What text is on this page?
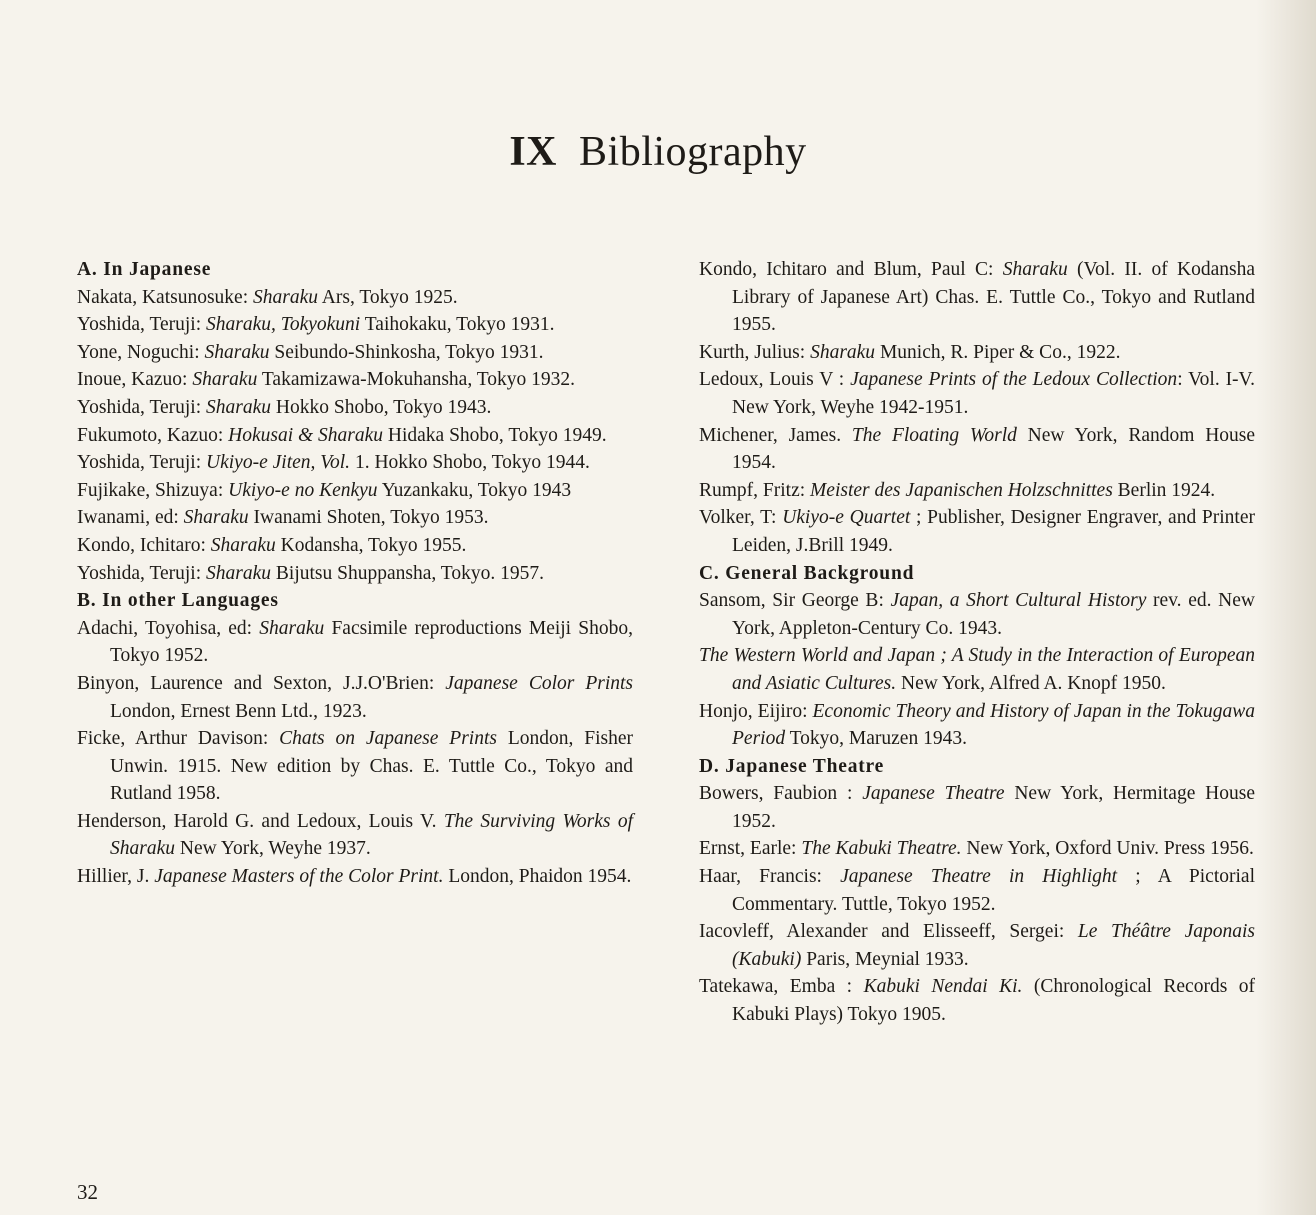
IX Bibliography
A. In Japanese
Nakata, Katsunosuke: Sharaku Ars, Tokyo 1925.
Yoshida, Teruji: Sharaku, Tokyokuni Taihokaku, Tokyo 1931.
Yone, Noguchi: Sharaku Seibundo-Shinkosha, Tokyo 1931.
Inoue, Kazuo: Sharaku Takamizawa-Mokuhansha, Tokyo 1932.
Yoshida, Teruji: Sharaku Hokko Shobo, Tokyo 1943.
Fukumoto, Kazuo: Hokusai & Sharaku Hidaka Shobo, Tokyo 1949.
Yoshida, Teruji: Ukiyo-e Jiten, Vol. 1. Hokko Shobo, Tokyo 1944.
Fujikake, Shizuya: Ukiyo-e no Kenkyu Yuzankaku, Tokyo 1943
Iwanami, ed: Sharaku Iwanami Shoten, Tokyo 1953.
Kondo, Ichitaro: Sharaku Kodansha, Tokyo 1955.
Yoshida, Teruji: Sharaku Bijutsu Shuppansha, Tokyo. 1957.
B. In other Languages
Adachi, Toyohisa, ed: Sharaku Facsimile reproductions Meiji Shobo, Tokyo 1952.
Binyon, Laurence and Sexton, J.J.O'Brien: Japanese Color Prints London, Ernest Benn Ltd., 1923.
Ficke, Arthur Davison: Chats on Japanese Prints London, Fisher Unwin. 1915. New edition by Chas. E. Tuttle Co., Tokyo and Rutland 1958.
Henderson, Harold G. and Ledoux, Louis V. The Surviving Works of Sharaku New York, Weyhe 1937.
Hillier, J. Japanese Masters of the Color Print. London, Phaidon 1954.
Kondo, Ichitaro and Blum, Paul C: Sharaku (Vol. II. of Kodansha Library of Japanese Art) Chas. E. Tuttle Co., Tokyo and Rutland 1955.
Kurth, Julius: Sharaku Munich, R. Piper & Co., 1922.
Ledoux, Louis V : Japanese Prints of the Ledoux Collection: Vol. I-V. New York, Weyhe 1942-1951.
Michener, James. The Floating World New York, Random House 1954.
Rumpf, Fritz: Meister des Japanischen Holzschnittes Berlin 1924.
Volker, T: Ukiyo-e Quartet ; Publisher, Designer Engraver, and Printer Leiden, J.Brill 1949.
C. General Background
Sansom, Sir George B: Japan, a Short Cultural History rev. ed. New York, Appleton-Century Co. 1943.
The Western World and Japan ; A Study in the Interaction of European and Asiatic Cultures. New York, Alfred A. Knopf 1950.
Honjo, Eijiro: Economic Theory and History of Japan in the Tokugawa Period Tokyo, Maruzen 1943.
D. Japanese Theatre
Bowers, Faubion : Japanese Theatre New York, Hermitage House 1952.
Ernst, Earle: The Kabuki Theatre. New York, Oxford Univ. Press 1956.
Haar, Francis: Japanese Theatre in Highlight ; A Pictorial Commentary. Tuttle, Tokyo 1952.
Iacovleff, Alexander and Elisseeff, Sergei: Le Théâtre Japonais (Kabuki) Paris, Meynial 1933.
Tatekawa, Emba : Kabuki Nendai Ki. (Chronological Records of Kabuki Plays) Tokyo 1905.
32
